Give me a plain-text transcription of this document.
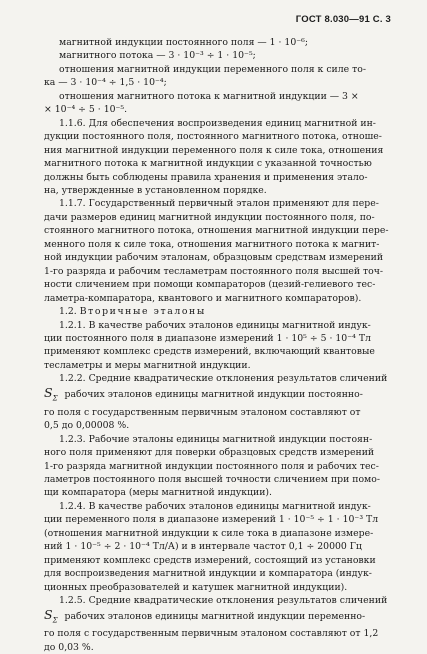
ГОСТ 8.030—91 С. 3
магнитной индукции постоянного поля — 1 · 10⁻⁶;
магнитного потока — 3 · 10⁻³ ÷ 1 · 10⁻⁵;
отношения магнитной индукции переменного поля к силе то-
ка — 3 · 10⁻⁴ ÷ 1,5 · 10⁻⁴;
отношения магнитного потока к магнитной индукции — 3 ×
× 10⁻⁴ ÷ 5 · 10⁻⁵.
1.1.6. Для обеспечения воспроизведения единиц магнитной ин-
дукции постоянного поля, постоянного магнитного потока, отноше-
ния магнитной индукции переменного поля к силе тока, отношения
магнитного потока к магнитной индукции с указанной точностью
должны быть соблюдены правила хранения и применения этало-
на, утвержденные в установленном порядке.
1.1.7. Государственный первичный эталон применяют для пере-
дачи размеров единиц магнитной индукции постоянного поля, по-
стоянного магнитного потока, отношения магнитной индукции пере-
менного поля к силе тока, отношения магнитного потока к магнит-
ной индукции рабочим эталонам, образцовым средствам измерений
1-го разряда и рабочим тесламетрам постоянного поля высшей точ-
ности сличением при помощи компараторов (цезий-гелиевого тес-
ламетра-компаратора, квантового и магнитного компараторов).
1.2. Вторичные эталоны
1.2.1. В качестве рабочих эталонов единицы магнитной индук-
ции постоянного поля в диапазоне измерений 1 · 10⁵ ÷ 5 · 10⁻⁴ Тл
применяют комплекс средств измерений, включающий квантовые
тесламетры и меры магнитной индукции.
1.2.2. Средние квадратические отклонения результатов сличений
$S_\Sigma$ рабочих эталонов единицы магнитной индукции постоянно-
го поля с государственным первичным эталоном составляют от
0,5 до 0,00008 %.
1.2.3. Рабочие эталоны единицы магнитной индукции постоян-
ного поля применяют для поверки образцовых средств измерений
1-го разряда магнитной индукции постоянного поля и рабочих тес-
ламетров постоянного поля высшей точности сличением при помо-
щи компаратора (меры магнитной индукции).
1.2.4. В качестве рабочих эталонов единицы магнитной индук-
ции переменного поля в диапазоне измерений 1 · 10⁻⁵ ÷ 1 · 10⁻³ Тл
(отношения магнитной индукции к силе тока в диапазоне измере-
ний 1 · 10⁻⁵ ÷ 2 · 10⁻⁴ Тл/А) и в интервале частот 0,1 ÷ 20000 Гц
применяют комплекс средств измерений, состоящий из установки
для воспроизведения магнитной индукции и компаратора (индук-
ционных преобразователей и катушек магнитной индукции).
1.2.5. Средние квадратические отклонения результатов сличений
$S_\Sigma$ рабочих эталонов единицы магнитной индукции переменно-
го поля с государственным первичным эталоном составляют от 1,2
до 0,03 %.
